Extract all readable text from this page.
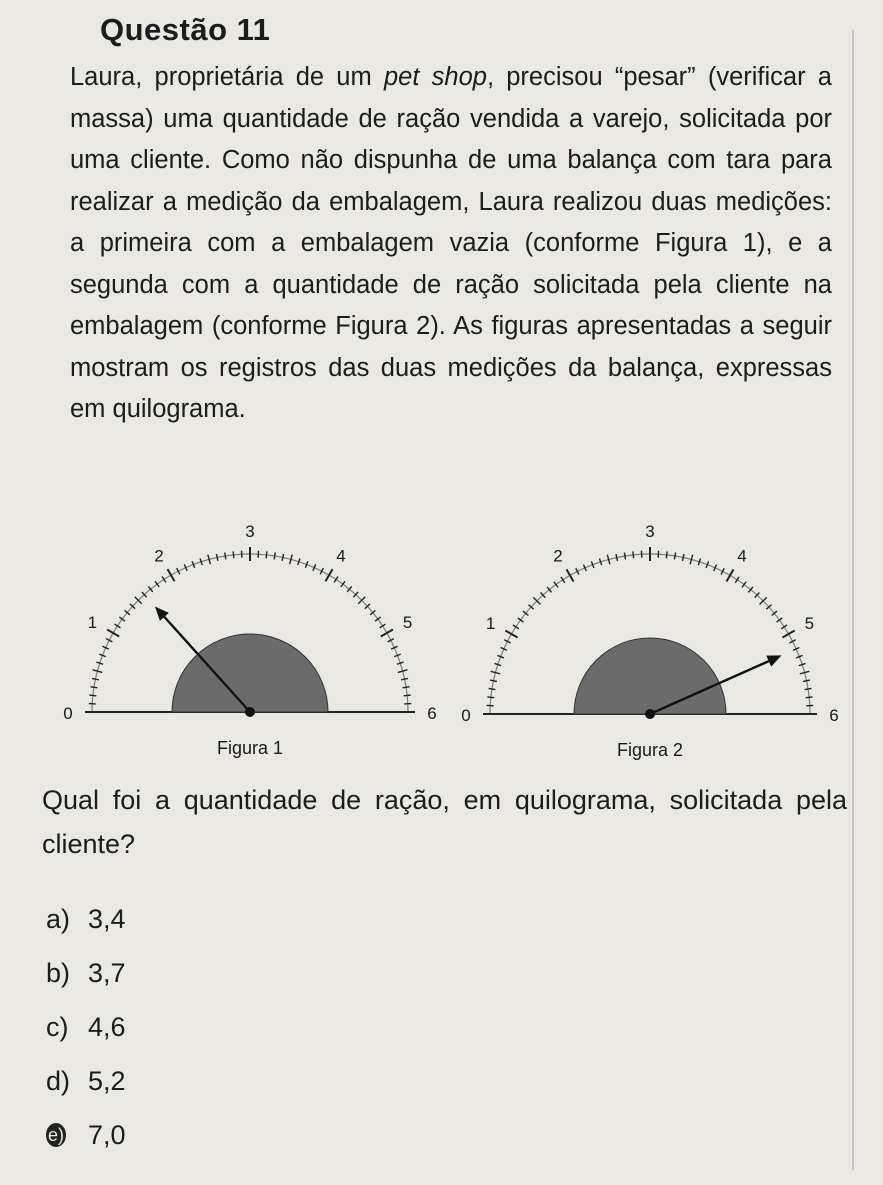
Questão 11

Laura, proprietária de um pet shop, precisou “pesar” (verificar a massa) uma quantidade de ração vendida a varejo, solicitada por uma cliente. Como não dispunha de uma balança com tara para realizar a medição da embalagem, Laura realizou duas medições: a primeira com a embalagem vazia (conforme Figura 1), e a segunda com a quantidade de ração solicitada pela cliente na embalagem (conforme Figura 2). As figuras apresentadas a seguir mostram os registros das duas medições da balança, expressas em quilograma.

0
1
2
3
4
5
6
Figura 1
0
1
2
3
4
5
6
Figura 2

Qual foi a quantidade de ração, em quilograma, solicitada pela cliente?

a) 3,4
b) 3,7
c) 4,6
d) 5,2
e) 7,0
